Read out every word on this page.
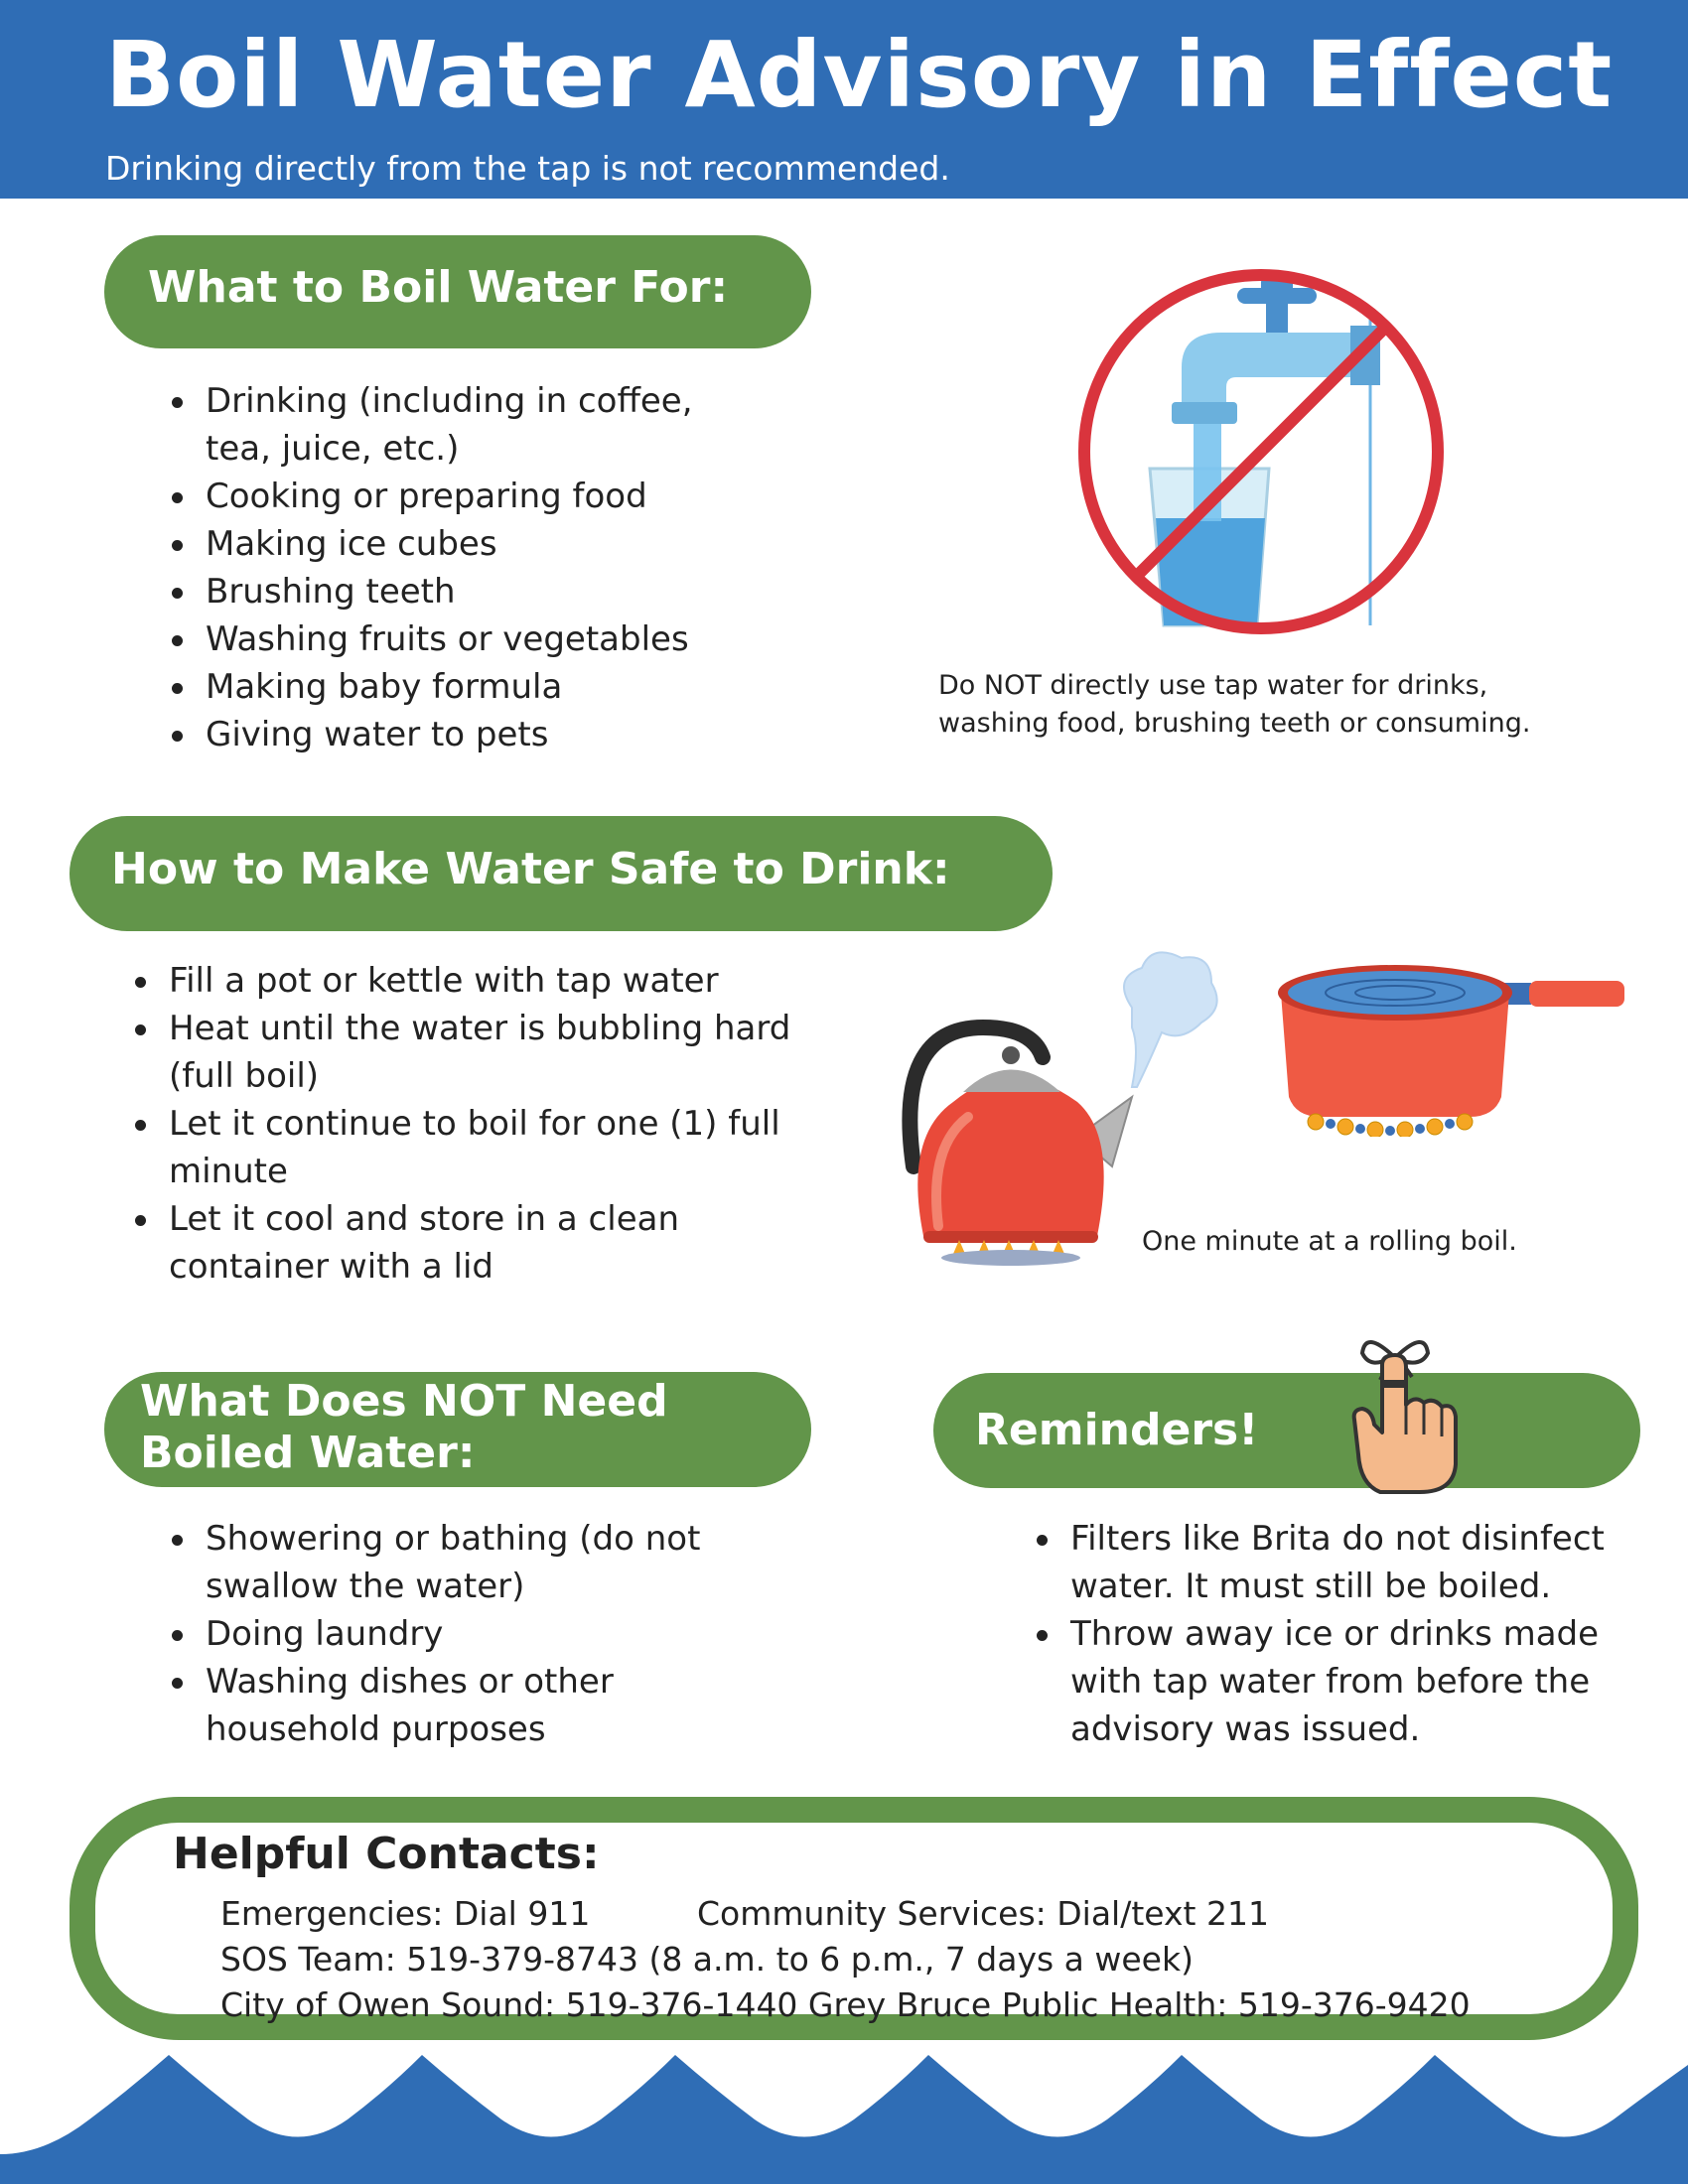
Boil Water Advisory in Effect
Drinking directly from the tap is not recommended.
What to Boil Water For:
Drinking (including in coffee,
tea, juice, etc.)
Cooking or preparing food
Making ice cubes
Brushing teeth
Washing fruits or vegetables
Making baby formula
Giving water to pets
Do NOT directly use tap water for drinks,
washing food, brushing teeth or consuming.
How to Make Water Safe to Drink:
Fill a pot or kettle with tap water
Heat until the water is bubbling hard
(full boil)
Let it continue to boil for one (1) full
minute
Let it cool and store in a clean
container with a lid
One minute at a rolling boil.
What Does NOT Need
Boiled Water:
Showering or bathing (do not
swallow the water)
Doing laundry
Washing dishes or other
household purposes
Reminders!
Filters like Brita do not disinfect
water. It must still be boiled.
Throw away ice or drinks made
with tap water from before the
advisory was issued.
Helpful Contacts:
Emergencies: Dial 911	Community Services: Dial/text 211
SOS Team: 519-379-8743 (8 a.m. to 6 p.m., 7 days a week)
City of Owen Sound: 519-376-1440 Grey Bruce Public Health: 519-376-9420
